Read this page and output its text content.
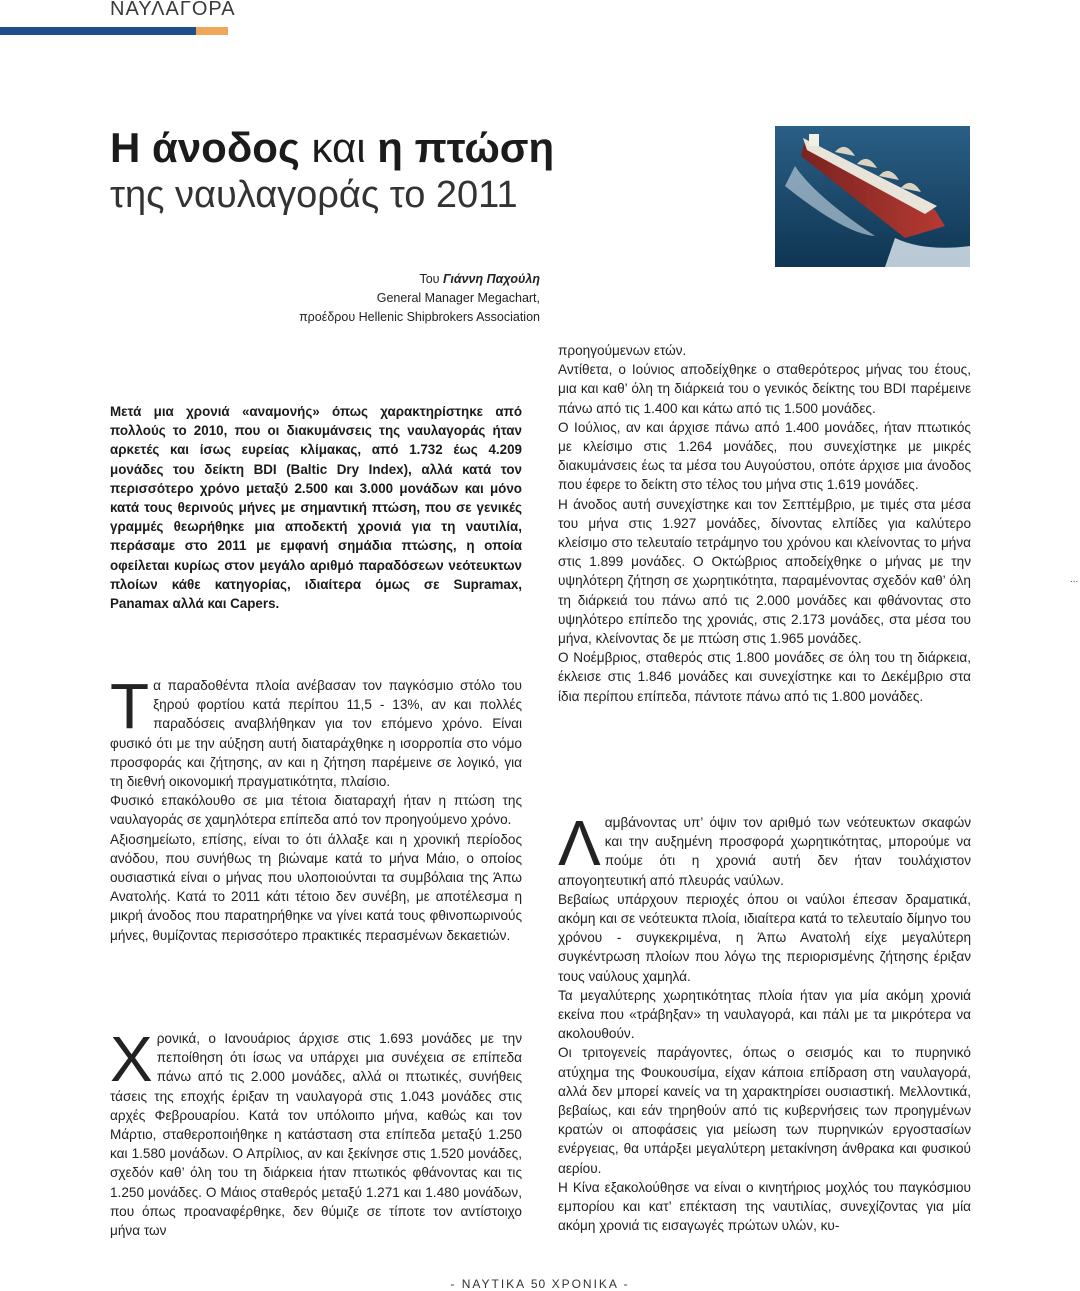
ΝΑΥΛΑΓΟΡΑ
Η άνοδος και η πτώση
της ναυλαγοράς το 2011
Του Γιάννη Παχούλη
General Manager Megachart,
προέδρου Hellenic Shipbrokers Association
Μετά μια χρονιά «αναμονής» όπως χαρακτηρίστηκε από πολλούς το 2010, που οι διακυμάνσεις της ναυλαγοράς ήταν αρκετές και ίσως ευρείας κλίμακας, από 1.732 έως 4.209 μονάδες του δείκτη BDI (Baltic Dry Index), αλλά κατά τον περισσότερο χρόνο μεταξύ 2.500 και 3.000 μονάδων και μόνο κατά τους θερινούς μήνες με σημαντική πτώση, που σε γενικές γραμμές θεωρήθηκε μια αποδεκτή χρονιά για τη ναυτιλία, περάσαμε στο 2011 με εμφανή σημάδια πτώσης, η οποία οφείλεται κυρίως στον μεγάλο αριθμό παραδόσεων νεότευκτων πλοίων κάθε κατηγορίας, ιδιαίτερα όμως σε Supramax, Panamax αλλά και Capers.

Τα παραδοθέντα πλοία ανέβασαν τον παγκόσμιο στόλο του ξηρού φορτίου κατά περίπου 11,5 - 13%, αν και πολλές παραδόσεις αναβλήθηκαν για τον επόμενο χρόνο. Είναι φυσικό ότι με την αύξηση αυτή διαταράχθηκε η ισορροπία στο νόμο προσφοράς και ζήτησης, αν και η ζήτηση παρέμεινε σε λογικό, για τη διεθνή οικονομική πραγματικότητα, πλαίσιο.

Φυσικό επακόλουθο σε μια τέτοια διαταραχή ήταν η πτώση της ναυλαγοράς σε χαμηλότερα επίπεδα από τον προηγούμενο χρόνο.

Αξιοσημείωτο, επίσης, είναι το ότι άλλαξε και η χρονική περίοδος ανόδου, που συνήθως τη βιώναμε κατά το μήνα Μάιο, ο οποίος ουσιαστικά είναι ο μήνας που υλοποιούνται τα συμβόλαια της Άπω Ανατολής. Κατά το 2011 κάτι τέτοιο δεν συνέβη, με αποτέλεσμα η μικρή άνοδος που παρατηρήθηκε να γίνει κατά τους φθινοπωρινούς μήνες, θυμίζοντας περισσότερο πρακτικές περασμένων δεκαετιών.

Χρονικά, ο Ιανουάριος άρχισε στις 1.693 μονάδες με την πεποίθηση ότι ίσως να υπάρχει μια συνέχεια σε επίπεδα πάνω από τις 2.000 μονάδες, αλλά οι πτωτικές, συνήθεις τάσεις της εποχής έριξαν τη ναυλαγορά στις 1.043 μονάδες στις αρχές Φεβρουαρίου. Κατά τον υπόλοιπο μήνα, καθώς και τον Μάρτιο, σταθεροποιήθηκε η κατάσταση στα επίπεδα μεταξύ 1.250 και 1.580 μονάδων. Ο Απρίλιος, αν και ξεκίνησε στις 1.520 μονάδες, σχεδόν καθ’ όλη του τη διάρκεια ήταν πτωτικός φθάνοντας και τις 1.250 μονάδες. Ο Μάιος σταθερός μεταξύ 1.271 και 1.480 μονάδων, που όπως προαναφέρθηκε, δεν θύμιζε σε τίποτε τον αντίστοιχο μήνα των

προηγούμενων ετών.

Αντίθετα, ο Ιούνιος αποδείχθηκε ο σταθερότερος μήνας του έτους, μια και καθ’ όλη τη διάρκειά του ο γενικός δείκτης του BDI παρέμεινε πάνω από τις 1.400 και κάτω από τις 1.500 μονάδες.

Ο Ιούλιος, αν και άρχισε πάνω από 1.400 μονάδες, ήταν πτωτικός με κλείσιμο στις 1.264 μονάδες, που συνεχίστηκε με μικρές διακυμάνσεις έως τα μέσα του Αυγούστου, οπότε άρχισε μια άνοδος που έφερε το δείκτη στο τέλος του μήνα στις 1.619 μονάδες.

Η άνοδος αυτή συνεχίστηκε και τον Σεπτέμβριο, με τιμές στα μέσα του μήνα στις 1.927 μονάδες, δίνοντας ελπίδες για καλύτερο κλείσιμο στο τελευταίο τετράμηνο του χρόνου και κλείνοντας το μήνα στις 1.899 μονάδες. Ο Οκτώβριος αποδείχθηκε ο μήνας με την υψηλότερη ζήτηση σε χωρητικότητα, παραμένοντας σχεδόν καθ’ όλη τη διάρκειά του πάνω από τις 2.000 μονάδες και φθάνοντας στο υψηλότερο επίπεδο της χρονιάς, στις 2.173 μονάδες, στα μέσα του μήνα, κλείνοντας δε με πτώση στις 1.965 μονάδες.

Ο Νοέμβριος, σταθερός στις 1.800 μονάδες σε όλη του τη διάρκεια, έκλεισε στις 1.846 μονάδες και συνεχίστηκε και το Δεκέμβριο στα ίδια περίπου επίπεδα, πάντοτε πάνω από τις 1.800 μονάδες.

Λαμβάνοντας υπ’ όψιν τον αριθμό των νεότευκτων σκαφών και την αυξημένη προσφορά χωρητικότητας, μπορούμε να πούμε ότι η χρονιά αυτή δεν ήταν τουλάχιστον απογοητευτική από πλευράς ναύλων.

Βεβαίως υπάρχουν περιοχές όπου οι ναύλοι έπεσαν δραματικά, ακόμη και σε νεότευκτα πλοία, ιδιαίτερα κατά το τελευταίο δίμηνο του χρόνου - συγκεκριμένα, η Άπω Ανατολή είχε μεγαλύτερη συγκέντρωση πλοίων που λόγω της περιορισμένης ζήτησης έριξαν τους ναύλους χαμηλά.

Τα μεγαλύτερης χωρητικότητας πλοία ήταν για μία ακόμη χρονιά εκείνα που «τράβηξαν» τη ναυλαγορά, και πάλι με τα μικρότερα να ακολουθούν.

Οι τριτογενείς παράγοντες, όπως ο σεισμός και το πυρηνικό ατύχημα της Φουκουσίμα, είχαν κάποια επίδραση στη ναυλαγορά, αλλά δεν μπορεί κανείς να τη χαρακτηρίσει ουσιαστική. Μελλοντικά, βεβαίως, και εάν τηρηθούν από τις κυβερνήσεις των προηγμένων κρατών οι αποφάσεις για μείωση των πυρηνικών εργοστασίων ενέργειας, θα υπάρξει μεγαλύτερη μετακίνηση άνθρακα και φυσικού αερίου.

Η Κίνα εξακολούθησε να είναι ο κινητήριος μοχλός του παγκόσμιου εμπορίου και κατ’ επέκταση της ναυτιλίας, συνεχίζοντας για μία ακόμη χρονιά τις εισαγωγές πρώτων υλών, κυ-

...
- ΝΑΥΤΙΚΑ 50 ΧΡΟΝΙΚΑ -
